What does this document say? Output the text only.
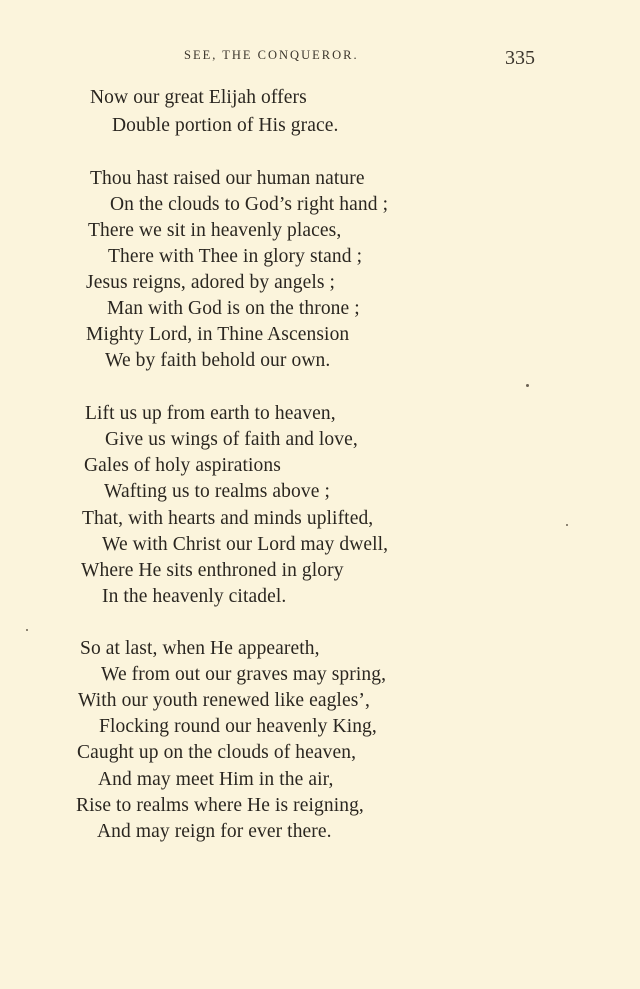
SEE, THE CONQUEROR.	335
Now our great Elijah offers
Double portion of His grace.
Thou hast raised our human nature
On the clouds to God’s right hand ;
There we sit in heavenly places,
There with Thee in glory stand ;
Jesus reigns, adored by angels ;
Man with God is on the throne ;
Mighty Lord, in Thine Ascension
We by faith behold our own.
Lift us up from earth to heaven,
Give us wings of faith and love,
Gales of holy aspirations
Wafting us to realms above ;
That, with hearts and minds uplifted,
We with Christ our Lord may dwell,
Where He sits enthroned in glory
In the heavenly citadel.
So at last, when He appeareth,
We from out our graves may spring,
With our youth renewed like eagles’,
Flocking round our heavenly King,
Caught up on the clouds of heaven,
And may meet Him in the air,
Rise to realms where He is reigning,
And may reign for ever there.
